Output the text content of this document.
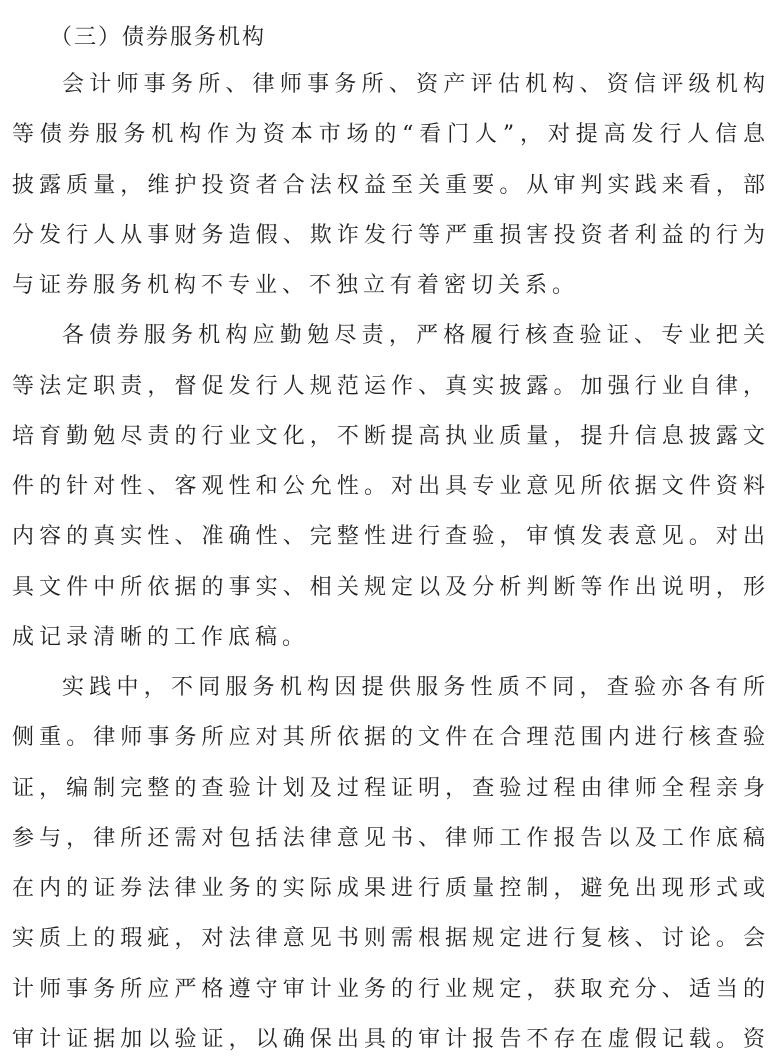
（三）债券服务机构
会计师事务所、律师事务所、资产评估机构、资信评级机构
等债券服务机构作为资本市场的“看门人”，对提高发行人信息
披露质量，维护投资者合法权益至关重要。从审判实践来看，部
分发行人从事财务造假、欺诈发行等严重损害投资者利益的行为
与证券服务机构不专业、不独立有着密切关系。
各债券服务机构应勤勉尽责，严格履行核查验证、专业把关
等法定职责，督促发行人规范运作、真实披露。加强行业自律，
培育勤勉尽责的行业文化，不断提高执业质量，提升信息披露文
件的针对性、客观性和公允性。对出具专业意见所依据文件资料
内容的真实性、准确性、完整性进行查验，审慎发表意见。对出
具文件中所依据的事实、相关规定以及分析判断等作出说明，形
成记录清晰的工作底稿。
实践中，不同服务机构因提供服务性质不同，查验亦各有所
侧重。律师事务所应对其所依据的文件在合理范围内进行核查验
证，编制完整的查验计划及过程证明，查验过程由律师全程亲身
参与，律所还需对包括法律意见书、律师工作报告以及工作底稿
在内的证券法律业务的实际成果进行质量控制，避免出现形式或
实质上的瑕疵，对法律意见书则需根据规定进行复核、讨论。会
计师事务所应严格遵守审计业务的行业规定，获取充分、适当的
审计证据加以验证，以确保出具的审计报告不存在虚假记载。资
